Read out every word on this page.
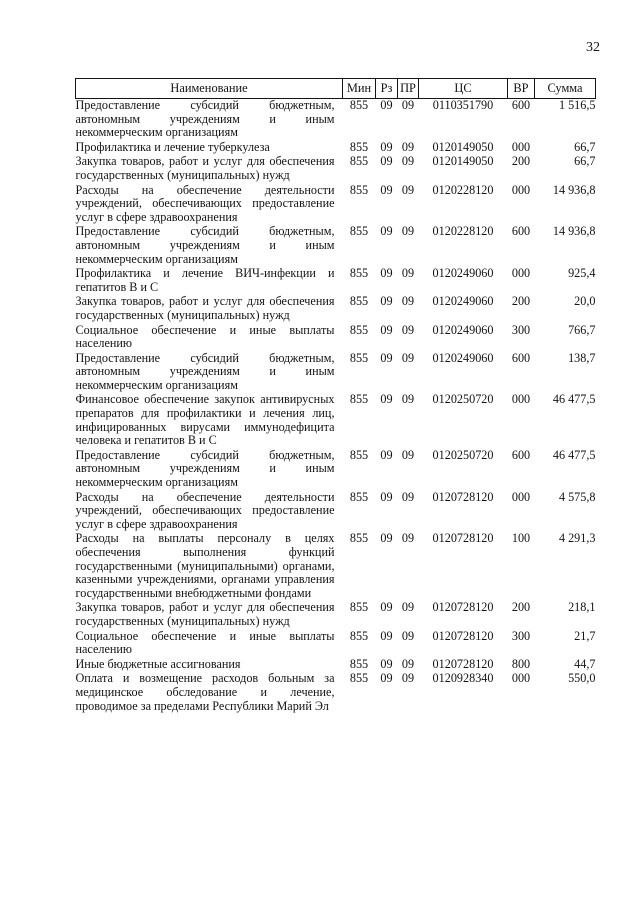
32
Наименование	Мин	Рз	ПР	ЦС	ВР	Сумма
Предоставление субсидий бюджетным, автономным учреждениям и иным некоммерческим организациям	855	09	09	0110351790	600	1 516,5
Профилактика и лечение туберкулеза	855	09	09	0120149050	000	66,7
Закупка товаров, работ и услуг для обеспечения государственных (муниципальных) нужд	855	09	09	0120149050	200	66,7
Расходы на обеспечение деятельности учреждений, обеспечивающих предоставление услуг в сфере здравоохранения	855	09	09	0120228120	000	14 936,8
Предоставление субсидий бюджетным, автономным учреждениям и иным некоммерческим организациям	855	09	09	0120228120	600	14 936,8
Профилактика и лечение ВИЧ-инфекции и гепатитов В и С	855	09	09	0120249060	000	925,4
Закупка товаров, работ и услуг для обеспечения государственных (муниципальных) нужд	855	09	09	0120249060	200	20,0
Социальное обеспечение и иные выплаты населению	855	09	09	0120249060	300	766,7
Предоставление субсидий бюджетным, автономным учреждениям и иным некоммерческим организациям	855	09	09	0120249060	600	138,7
Финансовое обеспечение закупок антивирусных препаратов для профилактики и лечения лиц, инфицированных вирусами иммунодефицита человека и гепатитов В и С	855	09	09	0120250720	000	46 477,5
Предоставление субсидий бюджетным, автономным учреждениям и иным некоммерческим организациям	855	09	09	0120250720	600	46 477,5
Расходы на обеспечение деятельности учреждений, обеспечивающих предоставление услуг в сфере здравоохранения	855	09	09	0120728120	000	4 575,8
Расходы на выплаты персоналу в целях обеспечения выполнения функций государственными (муниципальными) органами, казенными учреждениями, органами управления государственными внебюджетными фондами	855	09	09	0120728120	100	4 291,3
Закупка товаров, работ и услуг для обеспечения государственных (муниципальных) нужд	855	09	09	0120728120	200	218,1
Социальное обеспечение и иные выплаты населению	855	09	09	0120728120	300	21,7
Иные бюджетные ассигнования	855	09	09	0120728120	800	44,7
Оплата и возмещение расходов больным за медицинское обследование и лечение, проводимое за пределами Республики Марий Эл	855	09	09	0120928340	000	550,0
